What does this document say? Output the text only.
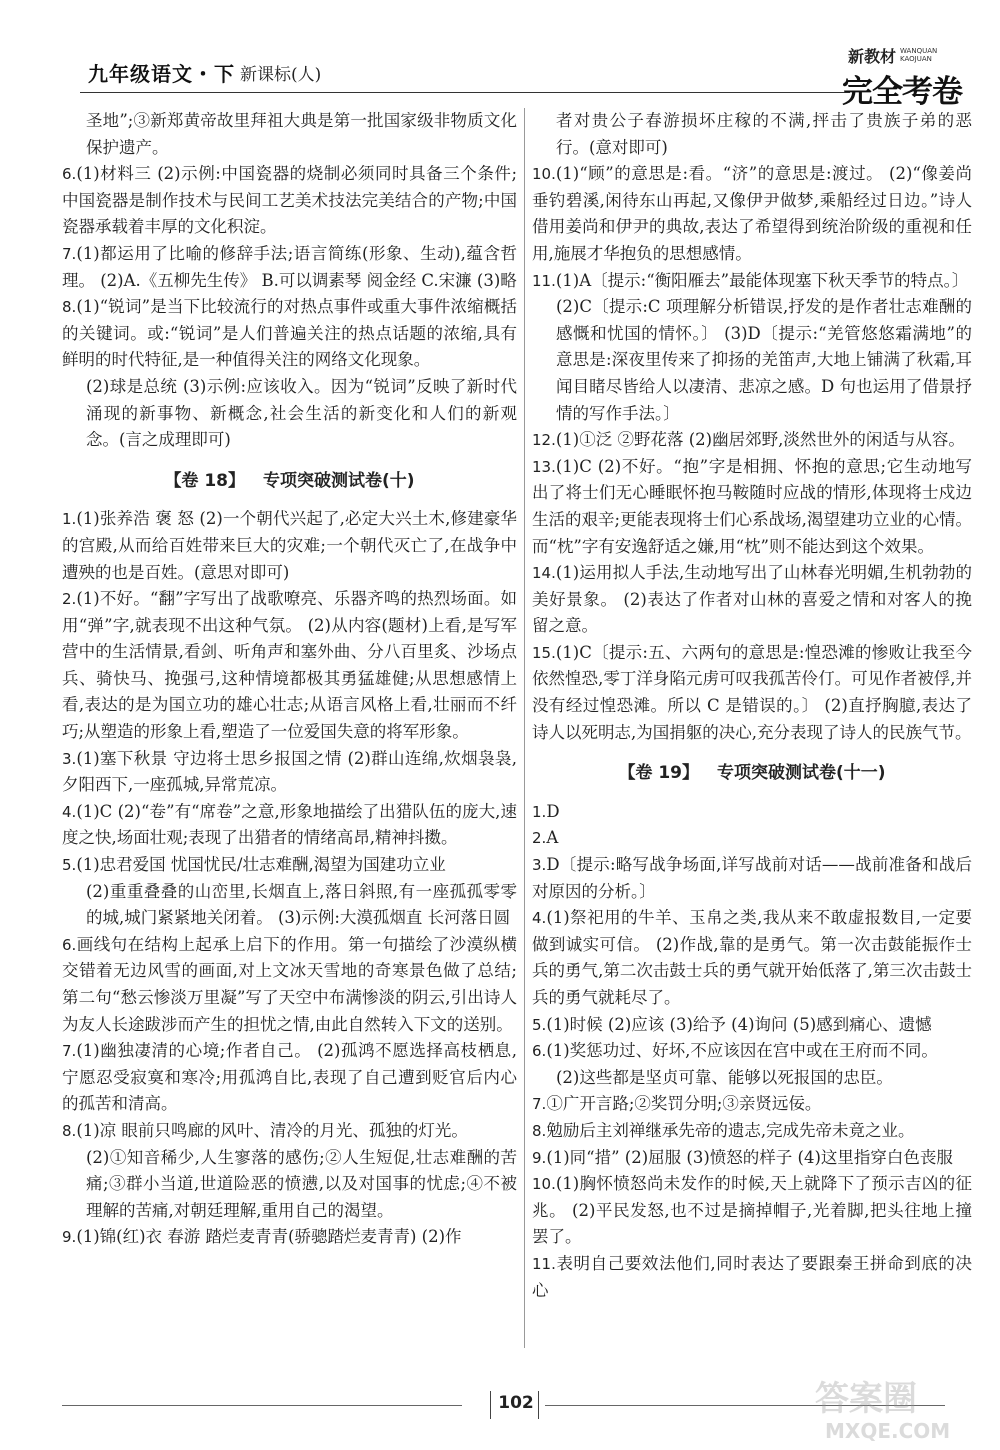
九年级语文・下 新课标(人)
新教材 WANQUAN
KAOJUAN
完全考卷

圣地”;③新郑黄帝故里拜祖大典是第一批国家级非物质文化保护遗产。

6.(1)材料三 (2)示例:中国瓷器的烧制必须同时具备三个条件;中国瓷器是制作技术与民间工艺美术技法完美结合的产物;中国瓷器承载着丰厚的文化积淀。

7.(1)都运用了比喻的修辞手法;语言简练(形象、生动),蕴含哲理。 (2)A.《五柳先生传》 B.可以调素琴 阅金经 C.宋濂 (3)略

8.(1)“锐词”是当下比较流行的对热点事件或重大事件浓缩概括的关键词。或:“锐词”是人们普遍关注的热点话题的浓缩,具有鲜明的时代特征,是一种值得关注的网络文化现象。

(2)球是总统 (3)示例:应该收入。因为“锐词”反映了新时代涌现的新事物、新概念,社会生活的新变化和人们的新观念。(言之成理即可)

【卷 18】 专项突破测试卷(十)

1.(1)张养浩 褒 怒 (2)一个朝代兴起了,必定大兴土木,修建豪华的宫殿,从而给百姓带来巨大的灾难;一个朝代灭亡了,在战争中遭殃的也是百姓。(意思对即可)

2.(1)不好。“翻”字写出了战歌嘹亮、乐器齐鸣的热烈场面。如用“弹”字,就表现不出这种气氛。 (2)从内容(题材)上看,是写军营中的生活情景,看剑、听角声和塞外曲、分八百里炙、沙场点兵、骑快马、挽强弓,这种情境都极其勇猛雄健;从思想感情上看,表达的是为国立功的雄心壮志;从语言风格上看,壮丽而不纤巧;从塑造的形象上看,塑造了一位爱国失意的将军形象。

3.(1)塞下秋景 守边将士思乡报国之情 (2)群山连绵,炊烟袅袅,夕阳西下,一座孤城,异常荒凉。

4.(1)C (2)“卷”有“席卷”之意,形象地描绘了出猎队伍的庞大,速度之快,场面壮观;表现了出猎者的情绪高昂,精神抖擞。

5.(1)忠君爱国 忧国忧民/壮志难酬,渴望为国建功立业

(2)重重叠叠的山峦里,长烟直上,落日斜照,有一座孤孤零零的城,城门紧紧地关闭着。 (3)示例:大漠孤烟直 长河落日圆

6.画线句在结构上起承上启下的作用。第一句描绘了沙漠纵横交错着无边风雪的画面,对上文冰天雪地的奇寒景色做了总结;第二句“愁云惨淡万里凝”写了天空中布满惨淡的阴云,引出诗人为友人长途跋涉而产生的担忧之情,由此自然转入下文的送别。

7.(1)幽独凄清的心境;作者自己。 (2)孤鸿不愿选择高枝栖息,宁愿忍受寂寞和寒冷;用孤鸿自比,表现了自己遭到贬官后内心的孤苦和清高。

8.(1)凉 眼前只鸣廊的风叶、清冷的月光、孤独的灯光。

(2)①知音稀少,人生寥落的感伤;②人生短促,壮志难酬的苦痛;③群小当道,世道险恶的愤懑,以及对国事的忧虑;④不被理解的苦痛,对朝廷理解,重用自己的渴望。

9.(1)锦(红)衣 春游 踏烂麦青青(骄骢踏烂麦青青) (2)作

者对贵公子春游损坏庄稼的不满,抨击了贵族子弟的恶行。(意对即可)

10.(1)“顾”的意思是:看。“济”的意思是:渡过。 (2)“像姜尚垂钓碧溪,闲待东山再起,又像伊尹做梦,乘船经过日边。”诗人借用姜尚和伊尹的典故,表达了希望得到统治阶级的重视和任用,施展才华抱负的思想感情。

11.(1)A〔提示:“衡阳雁去”最能体现塞下秋天季节的特点。〕

(2)C〔提示:C 项理解分析错误,抒发的是作者壮志难酬的感慨和忧国的情怀。〕 (3)D〔提示:“羌管悠悠霜满地”的意思是:深夜里传来了抑扬的羌笛声,大地上铺满了秋霜,耳闻目睹尽皆给人以凄清、悲凉之感。D 句也运用了借景抒情的写作手法。〕

12.(1)①泛 ②野花落 (2)幽居郊野,淡然世外的闲适与从容。

13.(1)C (2)不好。“抱”字是相拥、怀抱的意思;它生动地写出了将士们无心睡眠怀抱马鞍随时应战的情形,体现将士戍边生活的艰辛;更能表现将士们心系战场,渴望建功立业的心情。而“枕”字有安逸舒适之嫌,用“枕”则不能达到这个效果。

14.(1)运用拟人手法,生动地写出了山林春光明媚,生机勃勃的美好景象。 (2)表达了作者对山林的喜爱之情和对客人的挽留之意。

15.(1)C〔提示:五、六两句的意思是:惶恐滩的惨败让我至今依然惶恐,零丁洋身陷元虏可叹我孤苦伶仃。可见作者被俘,并没有经过惶恐滩。所以 C 是错误的。〕 (2)直抒胸臆,表达了诗人以死明志,为国捐躯的决心,充分表现了诗人的民族气节。

【卷 19】 专项突破测试卷(十一)

1.D

2.A

3.D〔提示:略写战争场面,详写战前对话——战前准备和战后对原因的分析。〕

4.(1)祭祀用的牛羊、玉帛之类,我从来不敢虚报数目,一定要做到诚实可信。 (2)作战,靠的是勇气。第一次击鼓能振作士兵的勇气,第二次击鼓士兵的勇气就开始低落了,第三次击鼓士兵的勇气就耗尽了。

5.(1)时候 (2)应该 (3)给予 (4)询问 (5)感到痛心、遗憾

6.(1)奖惩功过、好坏,不应该因在宫中或在王府而不同。

(2)这些都是坚贞可靠、能够以死报国的忠臣。

7.①广开言路;②奖罚分明;③亲贤远佞。

8.勉励后主刘禅继承先帝的遗志,完成先帝未竟之业。

9.(1)同“措” (2)屈服 (3)愤怒的样子 (4)这里指穿白色丧服

10.(1)胸怀愤怒尚未发作的时候,天上就降下了预示吉凶的征兆。 (2)平民发怒,也不过是摘掉帽子,光着脚,把头往地上撞罢了。

11.表明自己要效法他们,同时表达了要跟秦王拼命到底的决心

102	答案圈
MXQE.COM
